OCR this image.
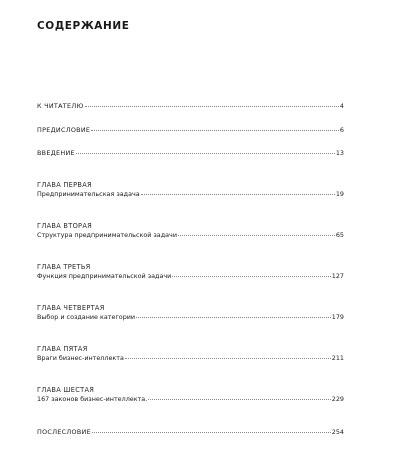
СОДЕРЖАНИЕ
К ЧИТАТЕЛЮ	4
ПРЕДИСЛОВИЕ	6
ВВЕДЕНИЕ	13
ГЛАВА ПЕРВАЯ
Предпринимательская задача	19
ГЛАВА ВТОРАЯ
Структура предпринимательской задачи	65
ГЛАВА ТРЕТЬЯ
Функция предпринимательской задачи	127
ГЛАВА ЧЕТВЕРТАЯ
Выбор и создание категории	179
ГЛАВА ПЯТАЯ
Враги бизнес-интеллекта	211
ГЛАВА ШЕСТАЯ
167 законов бизнес-интеллекта.	229
ПОСЛЕСЛОВИЕ	254
